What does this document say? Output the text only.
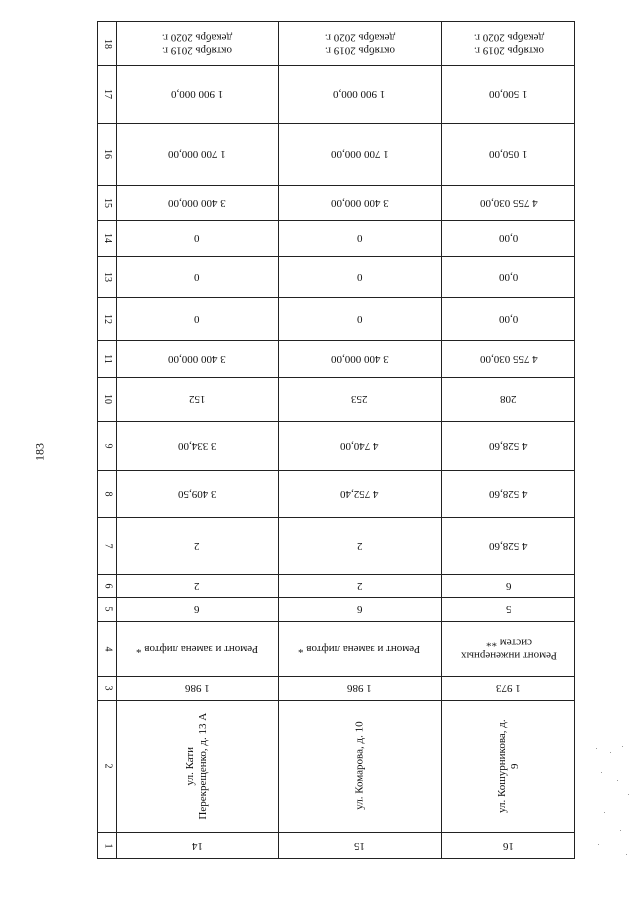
183
18
17
16
15
14
13
12
11
10
9
8
7
6
5
4
3
2
1
октябрь 2019 г. декабрь 2020 г.
1 900 000,0
1 700 000,00
3 400 000,00
0
0
0
3 400 000,00
152
3 334,00
3 409,50
2
2
6
Ремонт и замена лифтов *
1 986
ул. Кати Перекрещенко, д. 13 А
14
октябрь 2019 г. декабрь 2020 г.
1 900 000,0
1 700 000,00
3 400 000,00
0
0
0
3 400 000,00
253
4 740,00
4 752,40
2
2
6
Ремонт и замена лифтов *
1 986
ул. Комарова, д. 10
15
октябрь 2019 г. декабрь 2020 г.
1 500,00
1 050,00
4 755 030,00
0,00
0,00
0,00
4 755 030,00
208
4 528,60
4 528,60
4 528,60
6
5
Ремонт инженерных систем **
1 973
ул. Кошурникова, д. 9
16
